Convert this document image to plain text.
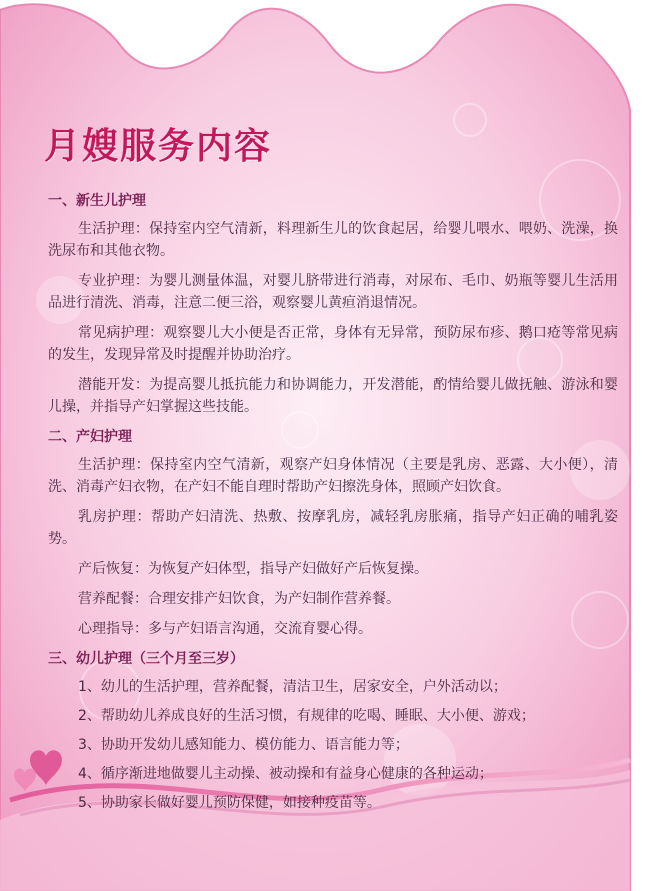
月嫂服务内容
一、新生儿护理

生活护理：保持室内空气清新，料理新生儿的饮食起居，给婴儿喂水、喂奶、洗澡，换洗尿布和其他衣物。

专业护理：为婴儿测量体温，对婴儿脐带进行消毒，对尿布、毛巾、奶瓶等婴儿生活用品进行清洗、消毒，注意二便三浴，观察婴儿黄疸消退情况。

常见病护理：观察婴儿大小便是否正常，身体有无异常，预防尿布疹、鹅口疮等常见病的发生，发现异常及时提醒并协助治疗。

潜能开发：为提高婴儿抵抗能力和协调能力，开发潜能，酌情给婴儿做抚触、游泳和婴儿操，并指导产妇掌握这些技能。

二、产妇护理

生活护理：保持室内空气清新，观察产妇身体情况（主要是乳房、恶露、大小便），清洗、消毒产妇衣物，在产妇不能自理时帮助产妇擦洗身体，照顾产妇饮食。

乳房护理：帮助产妇清洗、热敷、按摩乳房，减轻乳房胀痛，指导产妇正确的哺乳姿势。

产后恢复：为恢复产妇体型，指导产妇做好产后恢复操。

营养配餐：合理安排产妇饮食，为产妇制作营养餐。

心理指导：多与产妇语言沟通，交流育婴心得。

三、幼儿护理（三个月至三岁）
1、幼儿的生活护理，营养配餐，清洁卫生，居家安全，户外活动以；
2、帮助幼儿养成良好的生活习惯，有规律的吃喝、睡眠、大小便、游戏；
3、协助开发幼儿感知能力、模仿能力、语言能力等；
4、循序渐进地做婴儿主动操、被动操和有益身心健康的各种运动；
5、协助家长做好婴儿预防保健，如接种疫苗等。
